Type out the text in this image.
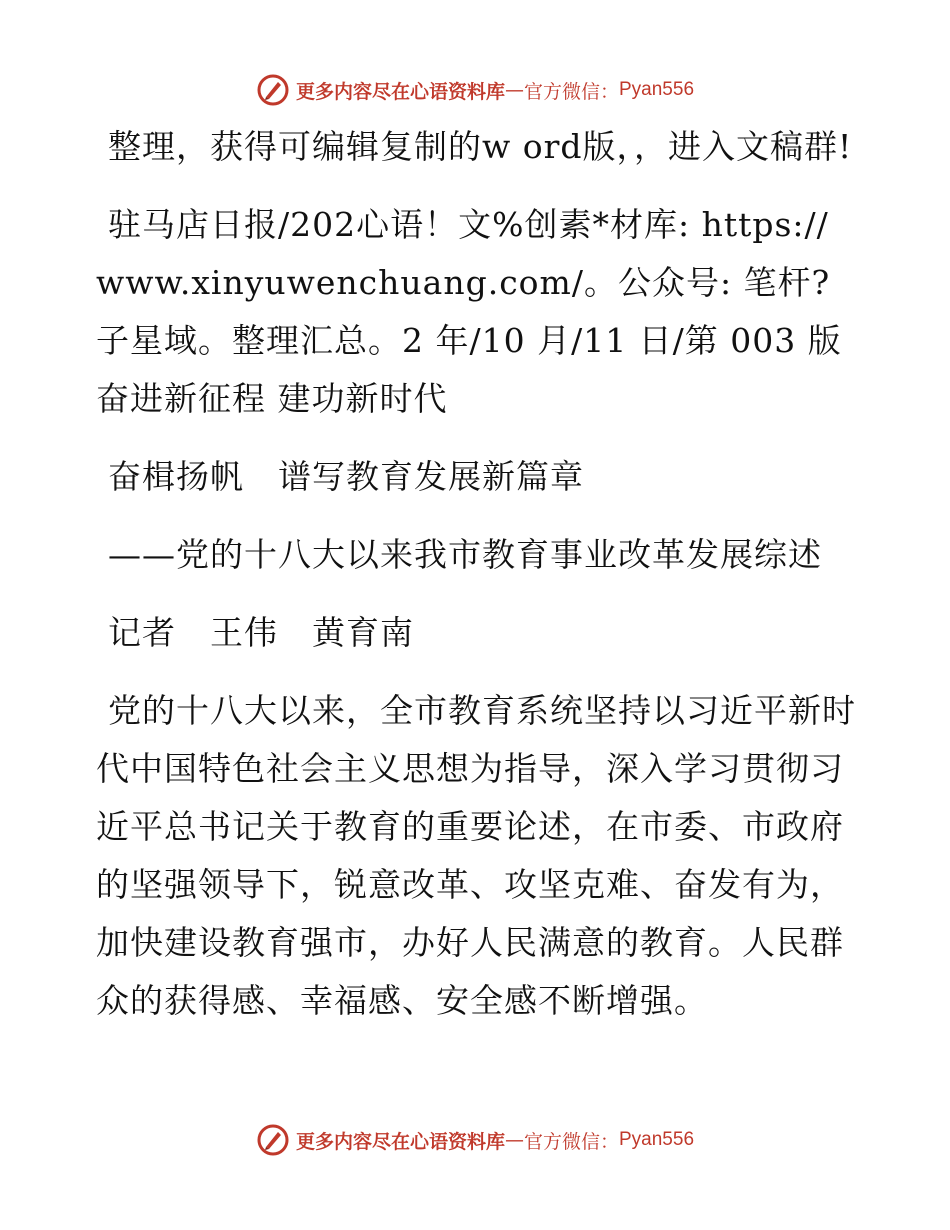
更多内容尽在心语资料库 — 官方微信： Pyan556

整理，获得可编辑复制的w ord版，，进入文稿群!

驻马店日报/202心语！文%创素*材库: https://www.xinyuwenchuang.com/。公众号: 笔杆?子星域。整理汇总。2 年/10 月/11 日/第 003 版奋进新征程 建功新时代

奋楫扬帆　谱写教育发展新篇章

——党的十八大以来我市教育事业改革发展综述

记者　王伟　黄育南

党的十八大以来，全市教育系统坚持以习近平新时代中国特色社会主义思想为指导，深入学习贯彻习近平总书记关于教育的重要论述，在市委、市政府的坚强领导下，锐意改革、攻坚克难、奋发有为，加快建设教育强市，办好人民满意的教育。人民群众的获得感、幸福感、安全感不断增强。

更多内容尽在心语资料库 — 官方微信： Pyan556
